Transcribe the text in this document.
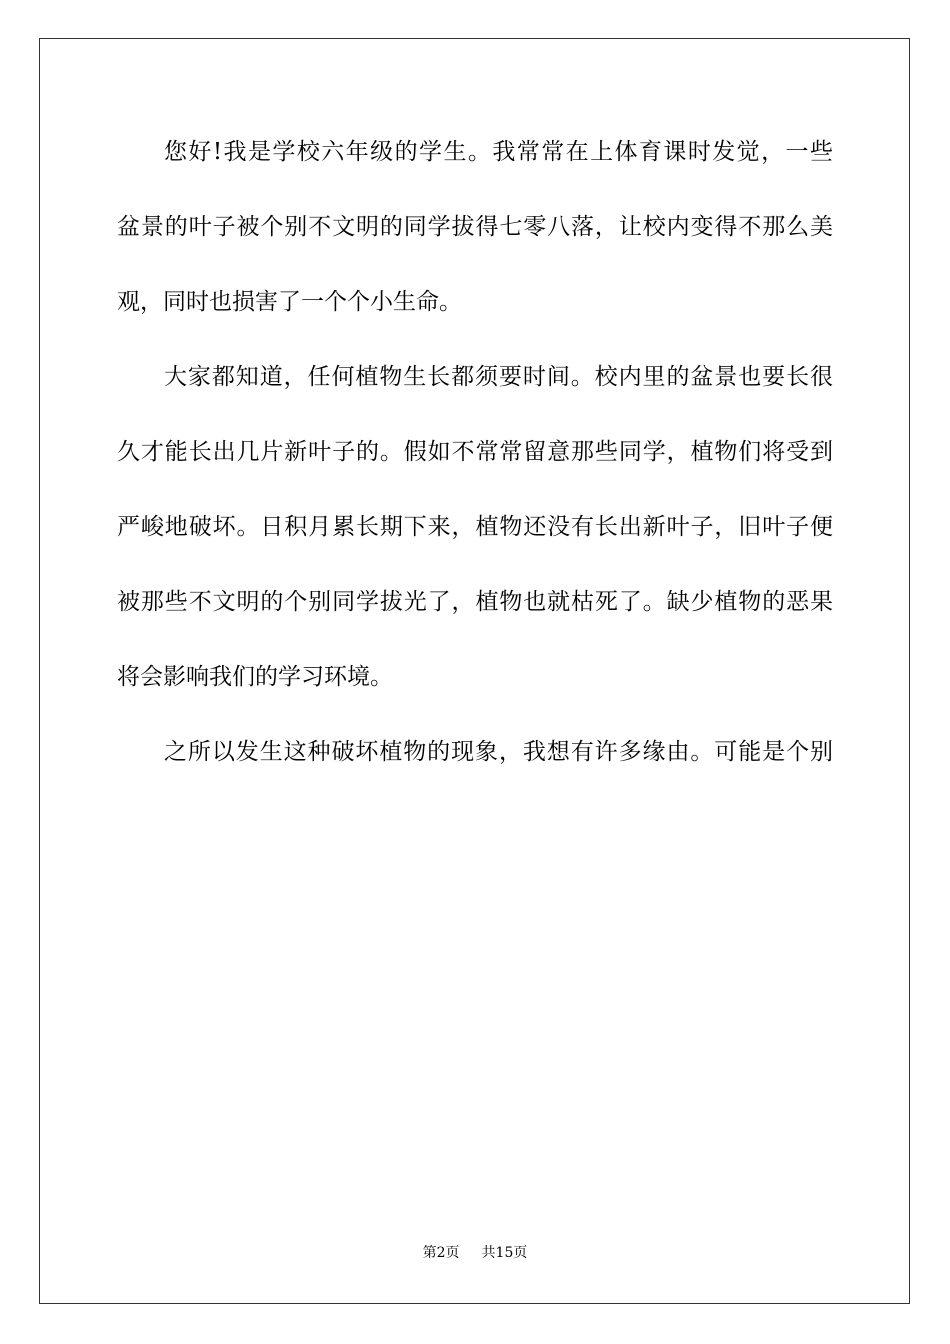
您好!我是学校六年级的学生。我常常在上体育课时发觉，一些
盆景的叶子被个别不文明的同学拔得七零八落，让校内变得不那么美
观，同时也损害了一个个小生命。
大家都知道，任何植物生长都须要时间。校内里的盆景也要长很
久才能长出几片新叶子的。假如不常常留意那些同学，植物们将受到
严峻地破坏。日积月累长期下来，植物还没有长出新叶子，旧叶子便
被那些不文明的个别同学拔光了，植物也就枯死了。缺少植物的恶果
将会影响我们的学习环境。
之所以发生这种破坏植物的现象，我想有许多缘由。可能是个别
第2页 共15页
